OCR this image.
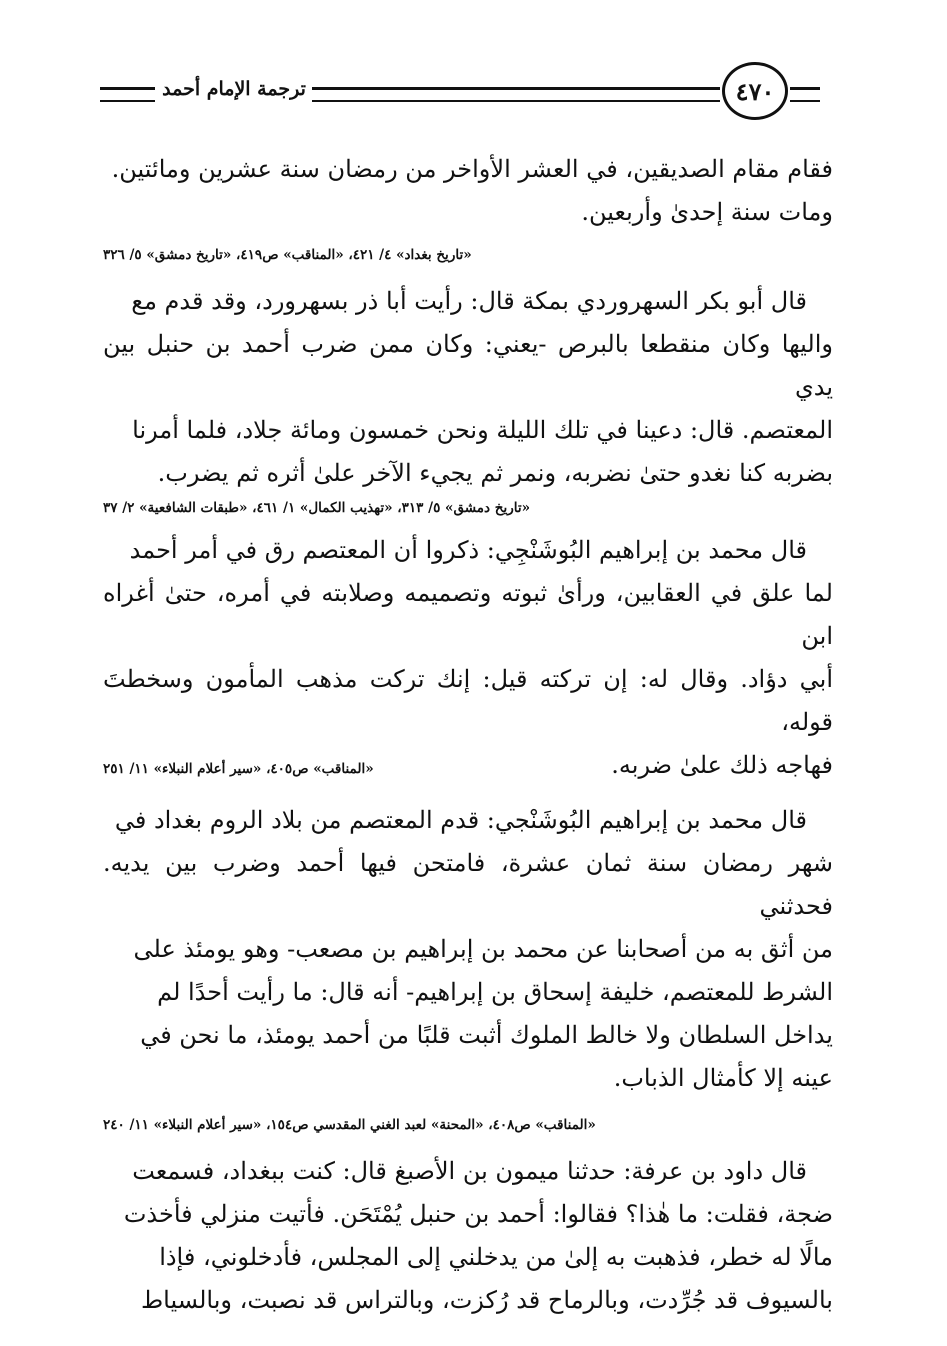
ترجمة الإمام أحمد	٤٧٠

فقام مقام الصديقين، في العشر الأواخر من رمضان سنة عشرين ومائتين.

ومات سنة إحدىٰ وأربعين.

«تاريخ بغداد» ٤/ ٤٢١، «المناقب» ص٤١٩، «تاريخ دمشق» ٥/ ٣٢٦

قال أبو بكر السهروردي بمكة قال: رأيت أبا ذر بسهرورد، وقد قدم مع

واليها وكان منقطعا بالبرص -يعني: وكان ممن ضرب أحمد بن حنبل بين يدي

المعتصم. قال: دعينا في تلك الليلة ونحن خمسون ومائة جلاد، فلما أمرنا

بضربه كنا نغدو حتىٰ نضربه، ونمر ثم يجيء الآخر علىٰ أثره ثم يضرب.

«تاريخ دمشق» ٥/ ٣١٣، «تهذيب الكمال» ١/ ٤٦١، «طبقات الشافعية» ٢/ ٣٧

قال محمد بن إبراهيم البُوشَنْجِي: ذكروا أن المعتصم رق في أمر أحمد

لما علق في العقابين، ورأىٰ ثبوته وتصميمه وصلابته في أمره، حتىٰ أغراه ابن

أبي دؤاد. وقال له: إن تركته قيل: إنك تركت مذهب المأمون وسخطتَ قوله،

فهاجه ذلك علىٰ ضربه.

«المناقب» ص٤٠٥، «سير أعلام النبلاء» ١١/ ٢٥١

قال محمد بن إبراهيم البُوشَنْجي: قدم المعتصم من بلاد الروم بغداد في

شهر رمضان سنة ثمان عشرة، فامتحن فيها أحمد وضرب بين يديه. فحدثني

من أثق به من أصحابنا عن محمد بن إبراهيم بن مصعب- وهو يومئذ على

الشرط للمعتصم، خليفة إسحاق بن إبراهيم- أنه قال: ما رأيت أحدًا لم

يداخل السلطان ولا خالط الملوك أثبت قلبًا من أحمد يومئذ، ما نحن في

عينه إلا كأمثال الذباب.

«المناقب» ص٤٠٨، «المحنة» لعبد الغني المقدسي ص١٥٤، «سير أعلام النبلاء» ١١/ ٢٤٠

قال داود بن عرفة: حدثنا ميمون بن الأصبغ قال: كنت ببغداد، فسمعت

ضجة، فقلت: ما هٰذا؟ فقالوا: أحمد بن حنبل يُمْتَحَن. فأتيت منزلي فأخذت

مالًا له خطر، فذهبت به إلىٰ من يدخلني إلى المجلس، فأدخلوني، فإذا

بالسيوف قد جُرِّدت، وبالرماح قد رُكزت، وبالتراس قد نصبت، وبالسياط
